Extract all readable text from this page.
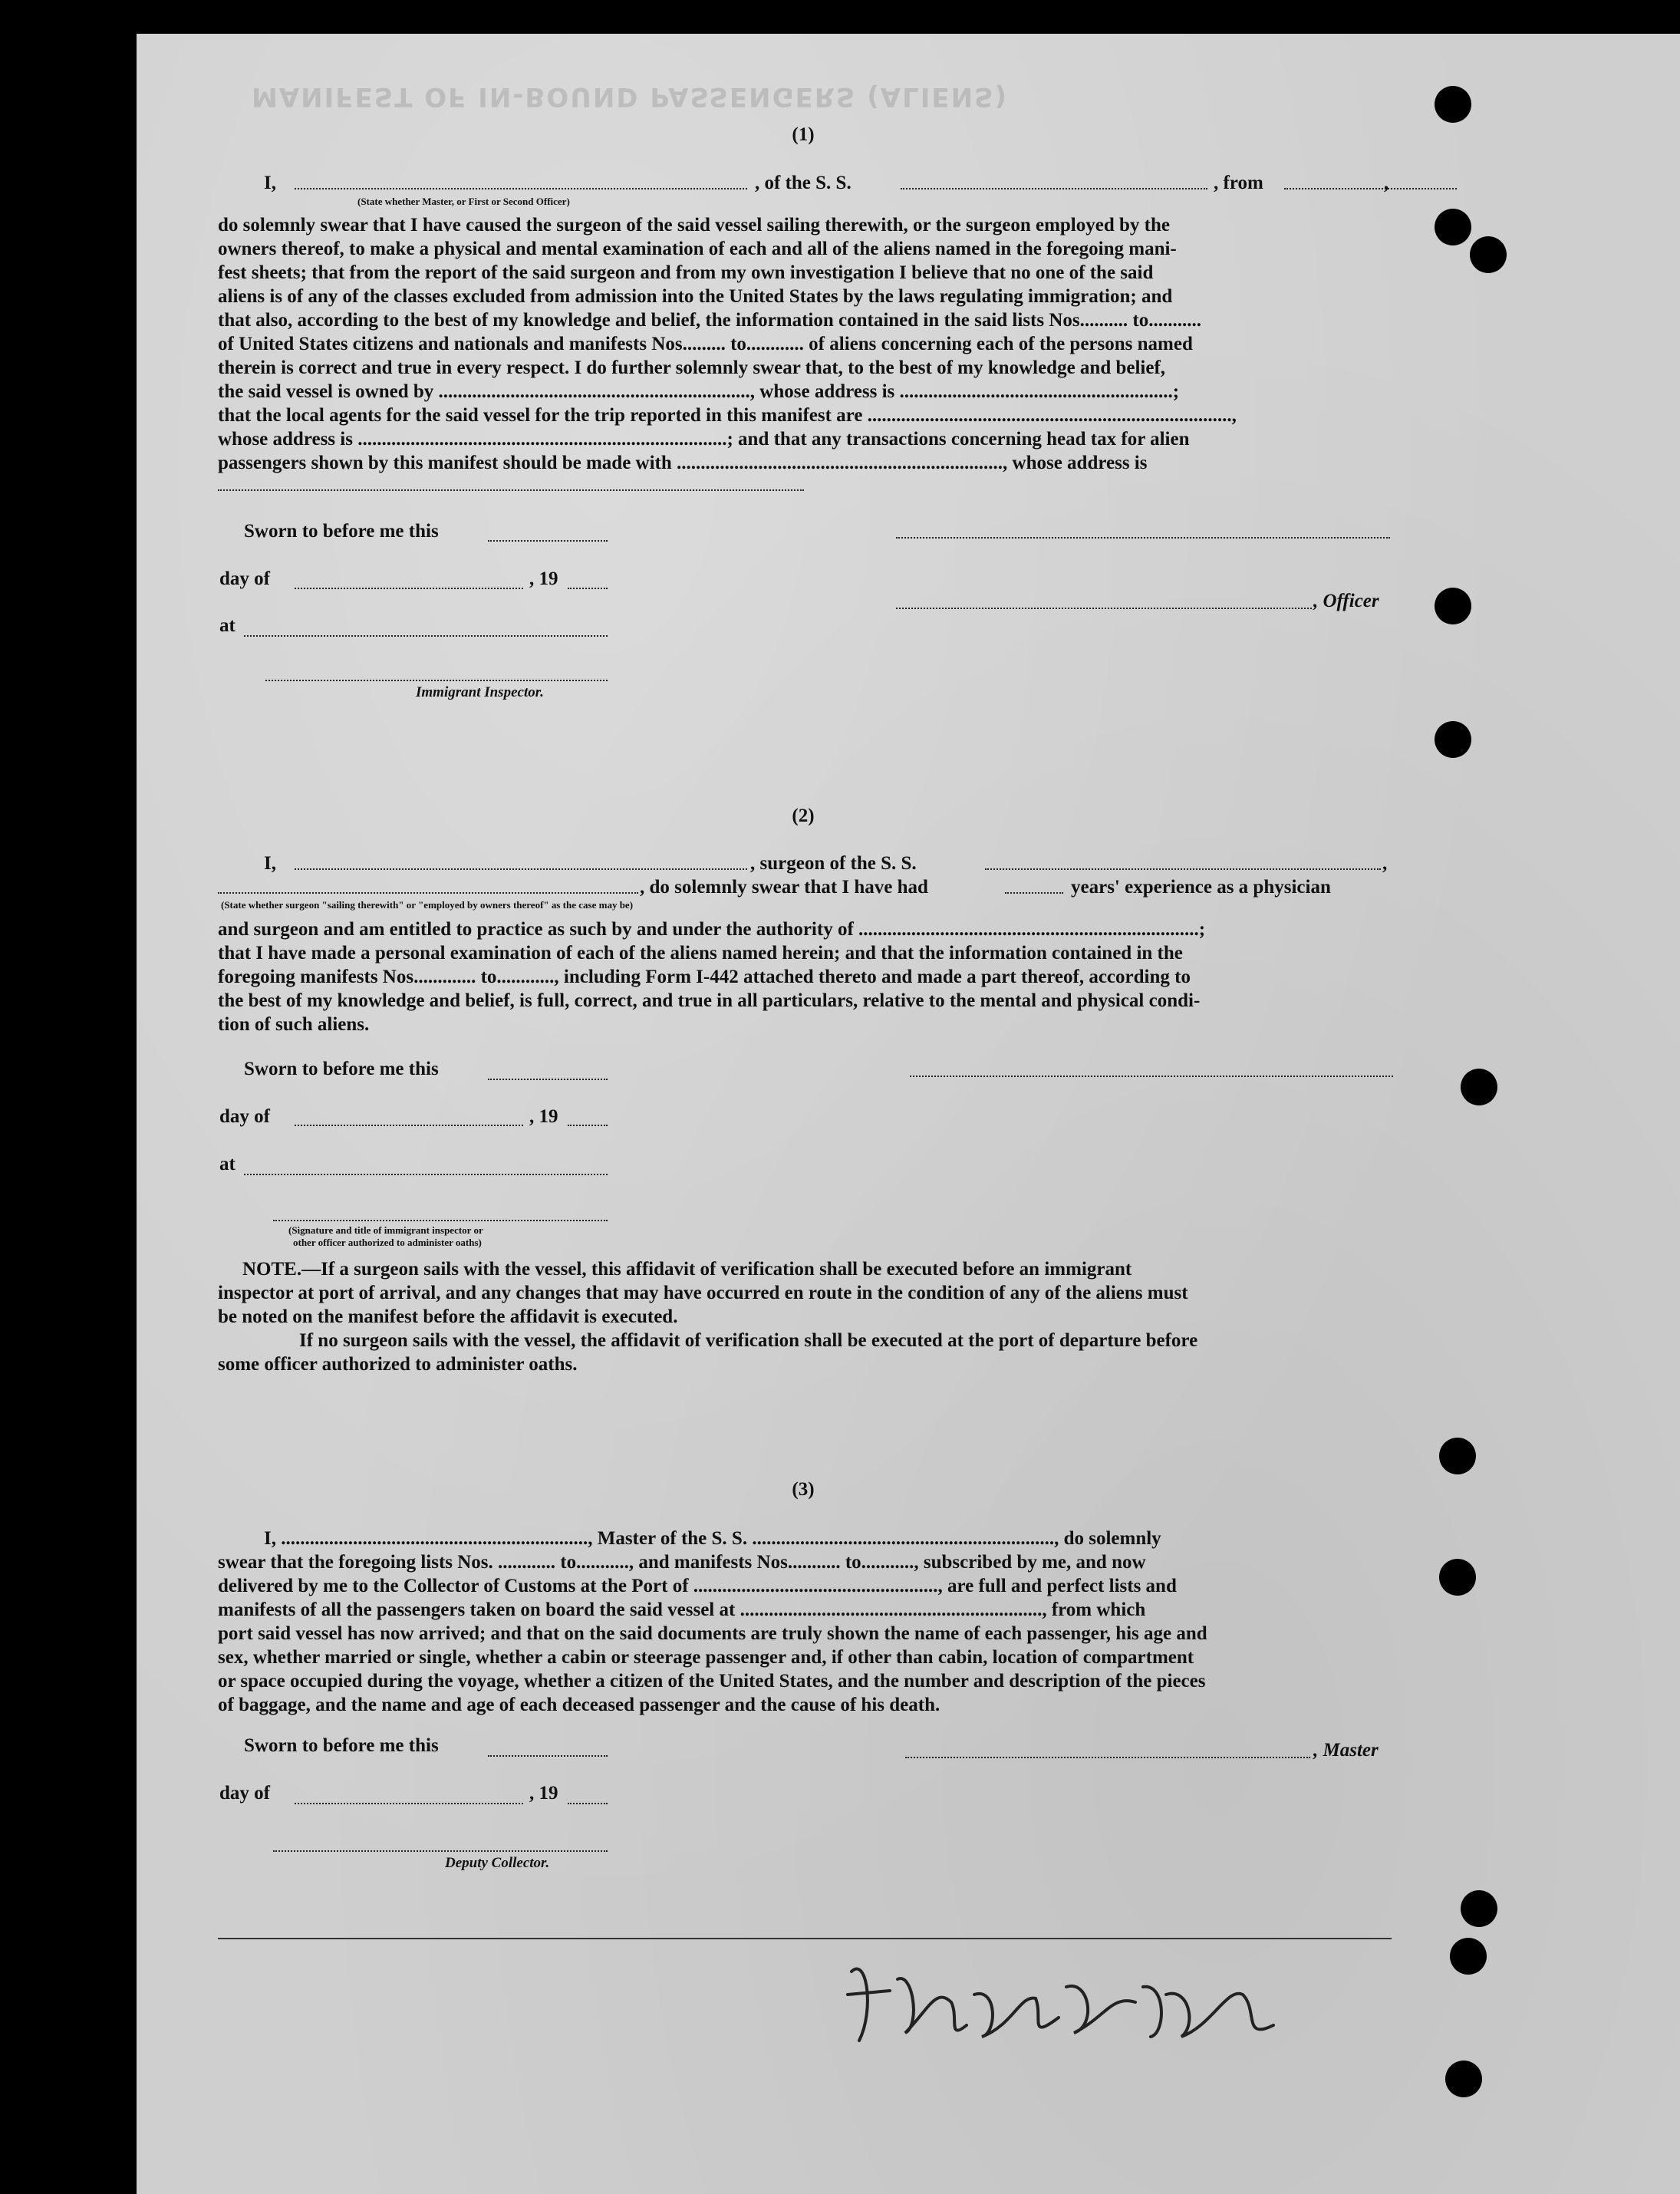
MANIFEST OF IN-BOUND PASSENGERS (ALIENS)
(1)
I,	, of the S. S.	, from	,
(State whether Master, or First or Second Officer)
do solemnly swear that I have caused the surgeon of the said vessel sailing therewith, or the surgeon employed by the
owners thereof, to make a physical and mental examination of each and all of the aliens named in the foregoing mani-
fest sheets; that from the report of the said surgeon and from my own investigation I believe that no one of the said
aliens is of any of the classes excluded from admission into the United States by the laws regulating immigration; and
that also, according to the best of my knowledge and belief, the information contained in the said lists Nos.......... to...........
of United States citizens and nationals and manifests Nos......... to............ of aliens concerning each of the persons named
therein is correct and true in every respect. I do further solemnly swear that, to the best of my knowledge and belief,
the said vessel is owned by ................................................................., whose address is .........................................................;
that the local agents for the said vessel for the trip reported in this manifest are ............................................................................,
whose address is .............................................................................; and that any transactions concerning head tax for alien
passengers shown by this manifest should be made with ...................................................................., whose address is
Sworn to before me this
day of	, 19
, Officer
at
Immigrant Inspector.
(2)
I,	, surgeon of the S. S.	,
, do solemnly swear that I have had	years' experience as a physician
(State whether surgeon "sailing therewith" or "employed by owners thereof" as the case may be)
and surgeon and am entitled to practice as such by and under the authority of .......................................................................;
that I have made a personal examination of each of the aliens named herein; and that the information contained in the
foregoing manifests Nos............. to............, including Form I-442 attached thereto and made a part thereof, according to
the best of my knowledge and belief, is full, correct, and true in all particulars, relative to the mental and physical condi-
tion of such aliens.
Sworn to before me this
day of	, 19
at
(Signature and title of immigrant inspector or
other officer authorized to administer oaths)
NOTE.—If a surgeon sails with the vessel, this affidavit of verification shall be executed before an immigrant
inspector at port of arrival, and any changes that may have occurred en route in the condition of any of the aliens must
be noted on the manifest before the affidavit is executed.
If no surgeon sails with the vessel, the affidavit of verification shall be executed at the port of departure before
some officer authorized to administer oaths.
(3)
I, ................................................................, Master of the S. S. ..............................................................., do solemnly
swear that the foregoing lists Nos. ............ to..........., and manifests Nos........... to..........., subscribed by me, and now
delivered by me to the Collector of Customs at the Port of ..................................................., are full and perfect lists and
manifests of all the passengers taken on board the said vessel at ..............................................................., from which
port said vessel has now arrived; and that on the said documents are truly shown the name of each passenger, his age and
sex, whether married or single, whether a cabin or steerage passenger and, if other than cabin, location of compartment
or space occupied during the voyage, whether a citizen of the United States, and the number and description of the pieces
of baggage, and the name and age of each deceased passenger and the cause of his death.
Sworn to before me this	, Master
day of	, 19
Deputy Collector.
